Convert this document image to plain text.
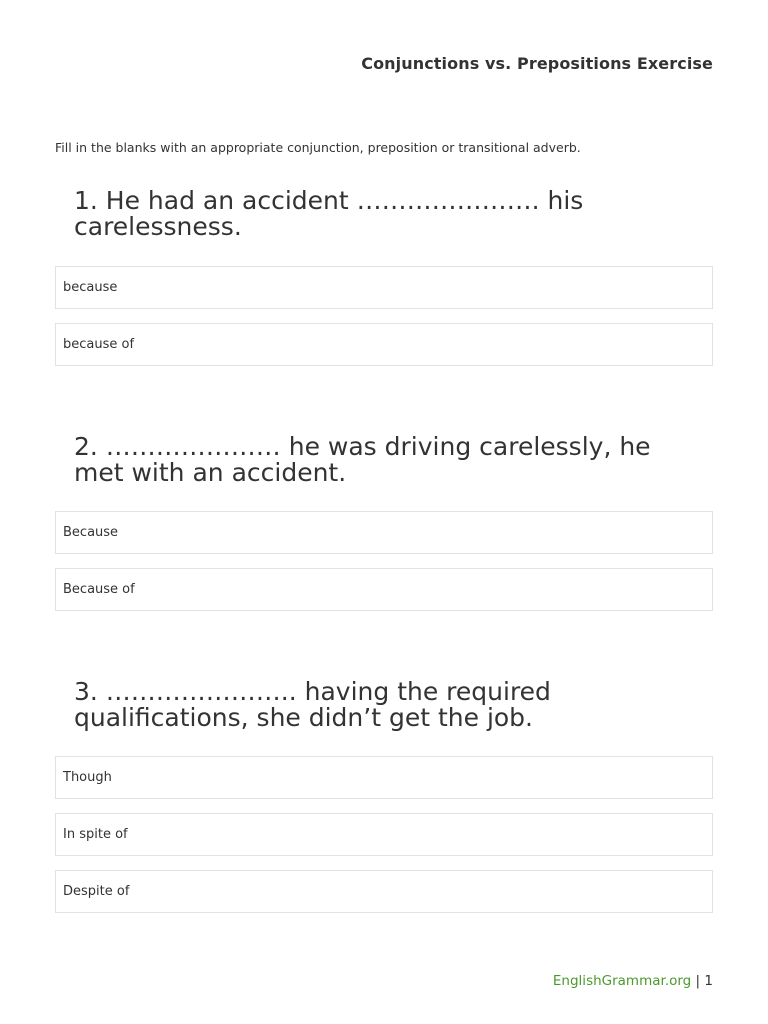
Conjunctions vs. Prepositions Exercise
Fill in the blanks with an appropriate conjunction, preposition or transitional adverb.
1. He had an accident …………………. his carelessness.
because
because of
2. ………………… he was driving carelessly, he met with an accident.
Because
Because of
3. ………………….. having the required qualifications, she didn’t get the job.
Though
In spite of
Despite of
EnglishGrammar.org | 1
